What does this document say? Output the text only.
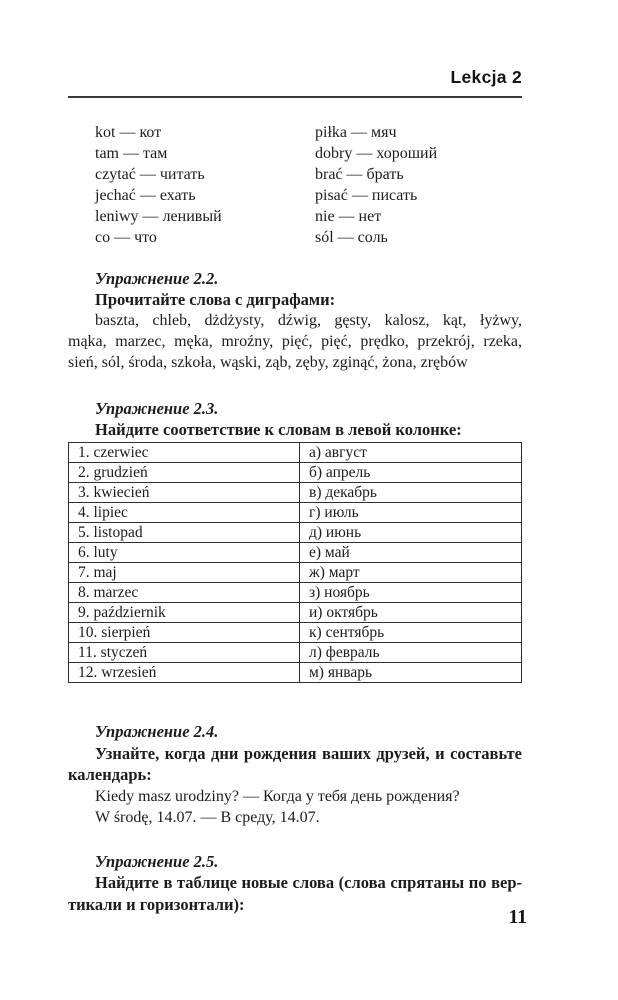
Lekcja 2
kot — кот	piłka — мяч
tam — там	dobry — хороший
czytać — читать	brać — брать
jechać — ехать	pisać — писать
leniwy — ленивый	nie — нет
co — что	sól — соль
Упражнение 2.2.
Прочитайте слова с диграфами:
baszta, chleb, dżdżysty, dźwig, gęsty, kalosz, kąt, łyżwy,
mąka, marzec, męka, mroźny, pięć, pięć, prędko, przekrój, rzeka,
sień, sól, środa, szkoła, wąski, ząb, zęby, zginąć, żona, zrębów
Упражнение 2.3.
Найдите соответствие к словам в левой колонке:
1. czerwiec	а) август
2. grudzień	б) апрель
3. kwiecień	в) декабрь
4. lipiec	г) июль
5. listopad	д) июнь
6. luty	е) май
7. maj	ж) март
8. marzec	з) ноябрь
9. październik	и) октябрь
10. sierpień	к) сентябрь
11. styczeń	л) февраль
12. wrzesień	м) январь
Упражнение 2.4.
Узнайте, когда дни рождения ваших друзей, и составьте
календарь:
Kiedy masz urodziny? — Когда у тебя день рождения?
W środę, 14.07. — В среду, 14.07.
Упражнение 2.5.
Найдите в таблице новые слова (слова спрятаны по вер-
тикали и горизонтали):
11
